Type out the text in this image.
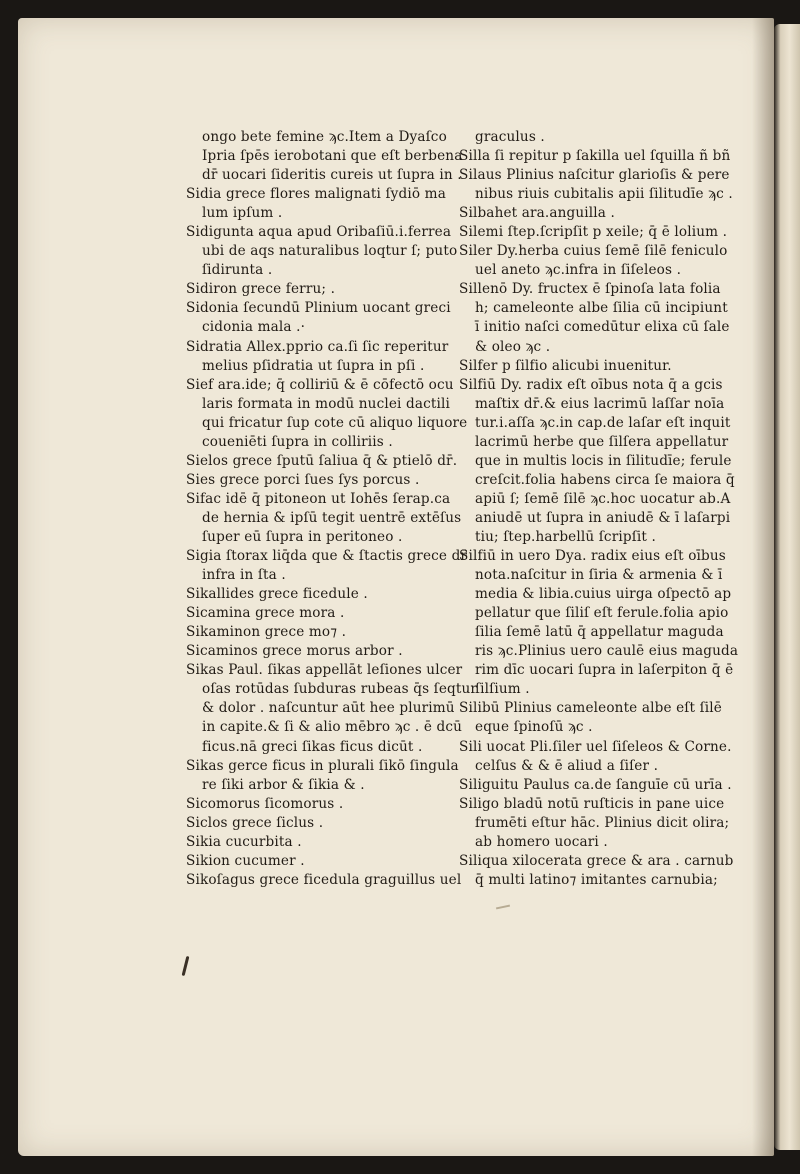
ongo bete femine ϡc.Item a Dyaſco
Ipria ſpēs ierobotani que eſt berbena
dr̄ uocari ſideritis cureis ut ſupra in .
Sidia grece flores malignati ſydiō ma
lum ipſum .
Sidigunta aqua apud Oribaſiū.i.ferrea
ubi de aqs naturalibus loqtur ſ; puto
ſidirunta .
Sidiron grece ferru; .
Sidonia ſecundū Plinium uocant greci
cidonia mala .·
Sidratia Allex.pprio ca.ſi ſic reperitur
melius pſidratia ut ſupra in pſi .
Sief ara.ide; q̄ colliriū & ē cōfectō ocu
laris formata in modū nuclei dactili
qui fricatur ſup cote cū aliquo liquore
coueniēti ſupra in colliriis .
Sielos grece ſputū ſaliua q̄ & ptielō dr̄.
Sies grece porci ſues ſys porcus .
Sifac idē q̄ pitoneon ut Iohēs ſerap.ca
de hernia & ipſū tegit uentrē extēſus
ſuper eū ſupra in peritoneo .
Sigia ſtorax liq̄da que & ſtactis grece dr̄
infra in ſta .
Sikallides grece ficedule .
Sicamina grece mora .
Sikaminon grece mo⁊ .
Sicaminos grece morus arbor .
Sikas Paul. ſikas appellāt leſiones ulcer
oſas rotūdas ſubduras rubeas q̄s ſeqtur
& dolor . naſcuntur aūt hee plurimū
in capite.& ſi & alio mēbro ϡc . ē dcū
ficus.nā greci ſikas ficus dicūt .
Sikas gerce ficus in plurali ſikō ſingula
re ſiki arbor & ſikia & .
Sicomorus ſicomorus .
Siclos grece ſiclus .
Sikia cucurbita .
Sikion cucumer .
Sikoſagus grece ficedula graguillus uel
graculus .
Silla ſi repitur p ſakilla uel ſquilla ñ bñ
Silaus Plinius naſcitur glarioſis & pere
nibus riuis cubitalis apii ſilitudīe ϡc .
Silbahet ara.anguilla .
Silemi ſtep.ſcripſit p xeile; q̄ ē lolium .
Siler Dy.herba cuius ſemē ſilē feniculo
uel aneto ϡc.infra in ſiſeleos .
Sillenō Dy. fructex ē ſpinoſa lata folia
h; cameleonte albe ſilia cū incipiunt
ī initio naſci comedūtur elixa cū ſale
& oleo ϡc .
Silfer p ſilfio alicubi inuenitur.
Silfiū Dy. radix eſt oībus nota q̄ a gcis
maſtix dr̄.& eius lacrimū laſſar noīa
tur.i.aſſa ϡc.in cap.de laſar eſt inquit
lacrimū herbe que ſilſera appellatur
que in multis locis in ſilitudīe; ferule
creſcit.folia habens circa ſe maiora q̄
apiū ſ; ſemē ſilē ϡc.hoc uocatur ab.A
aniudē ut ſupra in aniudē & ī laſarpi
tiu; ſtep.harbellū ſcripſit .
Silfiū in uero Dya. radix eius eſt oībus
nota.naſcitur in ſiria & armenia & ī
media & libia.cuius uirga oſpectō ap
pellatur que ſiliſ eſt ferule.folia apio
ſilia ſemē latū q̄ appellatur maguda
ris ϡc.Plinius uero caulē eius maguda
rim dīc uocari ſupra in laſerpiton q̄ ē
ſilſium .
Silibū Plinius cameleonte albe eſt ſilē
eque ſpinoſū ϡc .
Sili uocat Pli.ſiler uel ſiſeleos & Corne.
celſus & & ē aliud a ſiſer .
Siliguitu Paulus ca.de ſanguīe cū urīa .
Siligo bladū notū ruſticis in pane uice
frumēti eſtur hāc. Plinius dicit olira;
ab homero uocari .
Siliqua xilocerata grece & ara . carnub
q̄ multi latino⁊ imitantes carnubia;
